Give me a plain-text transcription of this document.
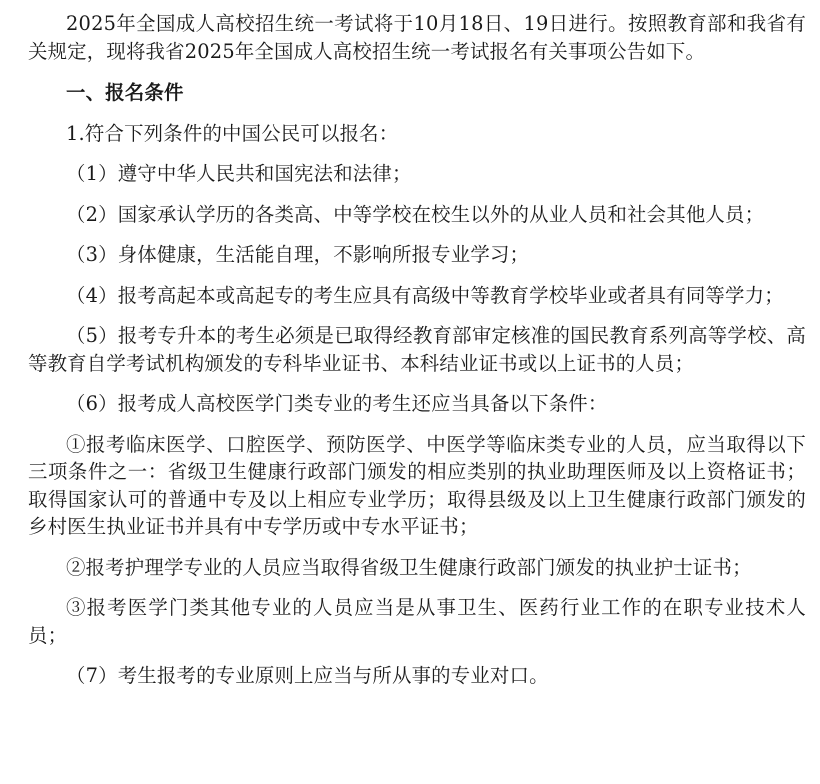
2025年全国成人高校招生统一考试将于10月18日、19日进行。按照教育部和我省有关规定，现将我省2025年全国成人高校招生统一考试报名有关事项公告如下。

一、报名条件

1.符合下列条件的中国公民可以报名：

（1）遵守中华人民共和国宪法和法律；

（2）国家承认学历的各类高、中等学校在校生以外的从业人员和社会其他人员；

（3）身体健康，生活能自理，不影响所报专业学习；

（4）报考高起本或高起专的考生应具有高级中等教育学校毕业或者具有同等学力；

（5）报考专升本的考生必须是已取得经教育部审定核准的国民教育系列高等学校、高等教育自学考试机构颁发的专科毕业证书、本科结业证书或以上证书的人员；

（6）报考成人高校医学门类专业的考生还应当具备以下条件：

①报考临床医学、口腔医学、预防医学、中医学等临床类专业的人员，应当取得以下三项条件之一：省级卫生健康行政部门颁发的相应类别的执业助理医师及以上资格证书；取得国家认可的普通中专及以上相应专业学历；取得县级及以上卫生健康行政部门颁发的乡村医生执业证书并具有中专学历或中专水平证书；

②报考护理学专业的人员应当取得省级卫生健康行政部门颁发的执业护士证书；

③报考医学门类其他专业的人员应当是从事卫生、医药行业工作的在职专业技术人员；

（7）考生报考的专业原则上应当与所从事的专业对口。
